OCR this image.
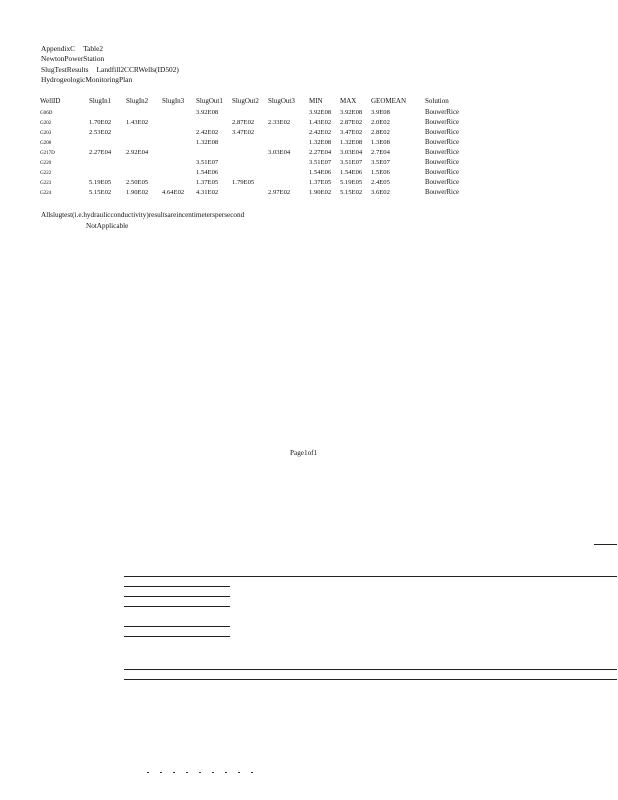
AppendixC Table2
NewtonPowerStation
SlugTestResults Landfill2CCRWells(ID502)
HydrogeologicMonitoringPlan
WellID	SlugIn1	SlugIn2	SlugIn3	SlugOut1	SlugOut2	SlugOut3	MIN	MAX	GEOMEAN	Solution
G06D				3.92E08			3.92E08	3.92E08	3.9E08	BouwerRice
G202	1.70E02	1.43E02			2.87E02	2.33E02	1.43E02	2.87E02	2.0E02	BouwerRice
G203	2.53E02			2.42E02	3.47E02		2.42E02	3.47E02	2.8E02	BouwerRice
G208				1.32E08			1.32E08	1.32E08	1.3E08	BouwerRice
G217D	2.27E04	2.92E04				3.03E04	2.27E04	3.03E04	2.7E04	BouwerRice
G220				3.51E07			3.51E07	3.51E07	3.5E07	BouwerRice
G222				1.54E06			1.54E06	1.54E06	1.5E06	BouwerRice
G223	5.19E05	2.50E05		1.37E05	1.79E05		1.37E05	5.19E05	2.4E05	BouwerRice
G224	5.15E02	1.90E02	4.64E02	4.31E02		2.97E02	1.90E02	5.15E02	3.6E02	BouwerRice
Allslugtest(i.e.hydraulicconductivity)resultsareincentimeterspersecond
NotApplicable
Page1of1
